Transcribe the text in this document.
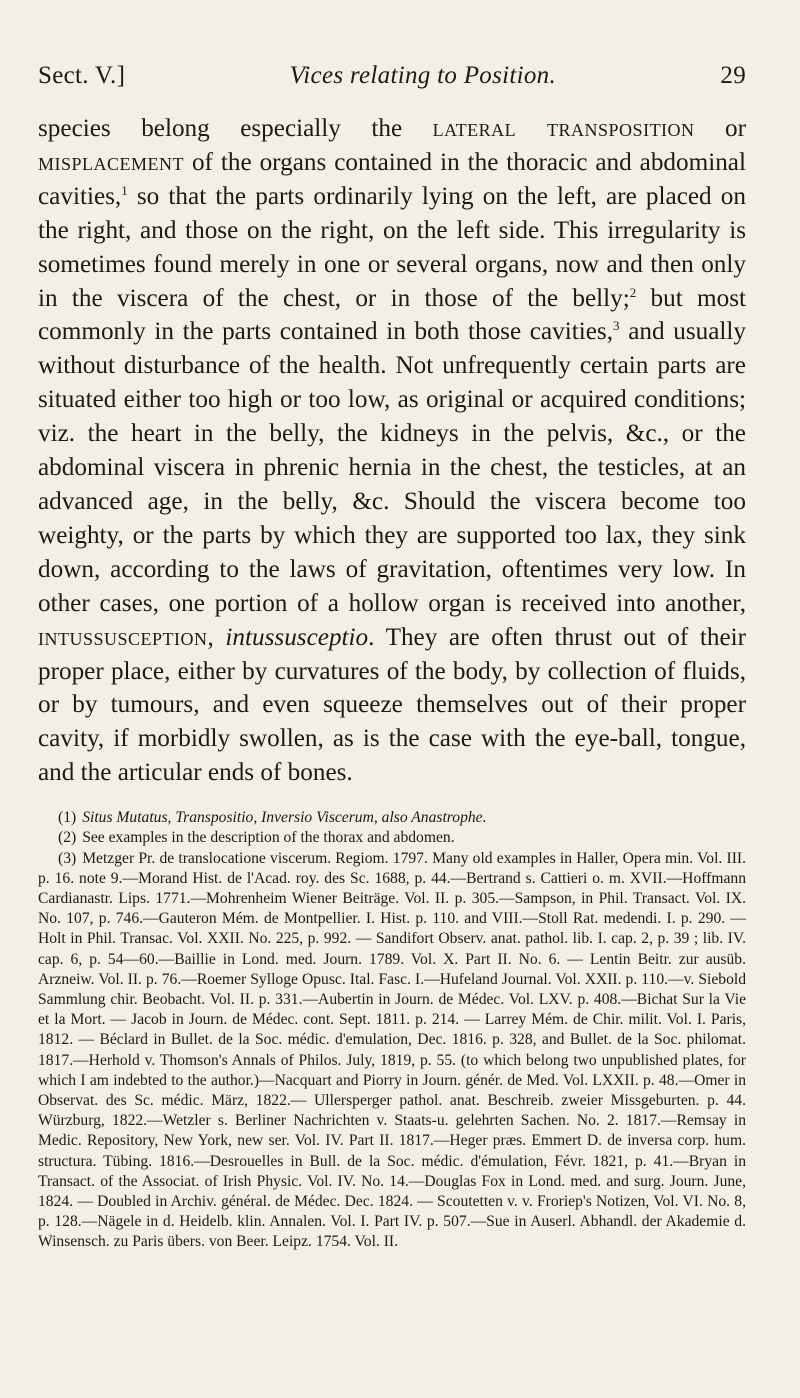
Sect. V.]	Vices relating to Position.	29

species belong especially the lateral transposition or misplacement of the organs contained in the thoracic and abdominal cavities,$^1$ so that the parts ordinarily lying on the left, are placed on the right, and those on the right, on the left side. This irregularity is sometimes found merely in one or several organs, now and then only in the viscera of the chest, or in those of the belly;$^2$ but most commonly in the parts contained in both those cavities,$^3$ and usually without disturbance of the health. Not unfrequently certain parts are situated either too high or too low, as original or acquired conditions; viz. the heart in the belly, the kidneys in the pelvis, &c., or the abdominal viscera in phrenic hernia in the chest, the testicles, at an advanced age, in the belly, &c. Should the viscera become too weighty, or the parts by which they are supported too lax, they sink down, according to the laws of gravitation, oftentimes very low. In other cases, one portion of a hollow organ is received into another, intussusception, intussusceptio. They are often thrust out of their proper place, either by curvatures of the body, by collection of fluids, or by tumours, and even squeeze themselves out of their proper cavity, if morbidly swollen, as is the case with the eye-ball, tongue, and the articular ends of bones.

(1) Situs Mutatus, Transpositio, Inversio Viscerum, also Anastrophe.

(2) See examples in the description of the thorax and abdomen.

(3) Metzger Pr. de translocatione viscerum. Regiom. 1797. Many old examples in Haller, Opera min. Vol. III. p. 16. note 9.—Morand Hist. de l'Acad. roy. des Sc. 1688, p. 44.—Bertrand s. Cattieri o. m. XVII.—Hoffmann Cardianastr. Lips. 1771.—Mohrenheim Wiener Beiträge. Vol. II. p. 305.—Sampson, in Phil. Transact. Vol. IX. No. 107, p. 746.—Gauteron Mém. de Montpellier. I. Hist. p. 110. and VIII.—Stoll Rat. medendi. I. p. 290. — Holt in Phil. Transac. Vol. XXII. No. 225, p. 992. — Sandifort Observ. anat. pathol. lib. I. cap. 2, p. 39 ; lib. IV. cap. 6, p. 54—60.—Baillie in Lond. med. Journ. 1789. Vol. X. Part II. No. 6. — Lentin Beitr. zur ausüb. Arzneiw. Vol. II. p. 76.—Roemer Sylloge Opusc. Ital. Fasc. I.—Hufeland Journal. Vol. XXII. p. 110.—v. Siebold Sammlung chir. Beobacht. Vol. II. p. 331.—Aubertin in Journ. de Médec. Vol. LXV. p. 408.—Bichat Sur la Vie et la Mort. — Jacob in Journ. de Médec. cont. Sept. 1811. p. 214. — Larrey Mém. de Chir. milit. Vol. I. Paris, 1812. — Béclard in Bullet. de la Soc. médic. d'emulation, Dec. 1816. p. 328, and Bullet. de la Soc. philomat. 1817.—Herhold v. Thomson's Annals of Philos. July, 1819, p. 55. (to which belong two unpublished plates, for which I am indebted to the author.)—Nacquart and Piorry in Journ. génér. de Med. Vol. LXXII. p. 48.—Omer in Observat. des Sc. médic. März, 1822.— Ullersperger pathol. anat. Beschreib. zweier Missgeburten. p. 44. Würzburg, 1822.—Wetzler s. Berliner Nachrichten v. Staats-u. gelehrten Sachen. No. 2. 1817.—Remsay in Medic. Repository, New York, new ser. Vol. IV. Part II. 1817.—Heger præs. Emmert D. de inversa corp. hum. structura. Tübing. 1816.—Desrouelles in Bull. de la Soc. médic. d'émulation, Févr. 1821, p. 41.—Bryan in Transact. of the Associat. of Irish Physic. Vol. IV. No. 14.—Douglas Fox in Lond. med. and surg. Journ. June, 1824. — Doubled in Archiv. général. de Médec. Dec. 1824. — Scoutetten v. v. Froriep's Notizen, Vol. VI. No. 8, p. 128.—Nägele in d. Heidelb. klin. Annalen. Vol. I. Part IV. p. 507.—Sue in Auserl. Abhandl. der Akademie d. Winsensch. zu Paris übers. von Beer. Leipz. 1754. Vol. II.
